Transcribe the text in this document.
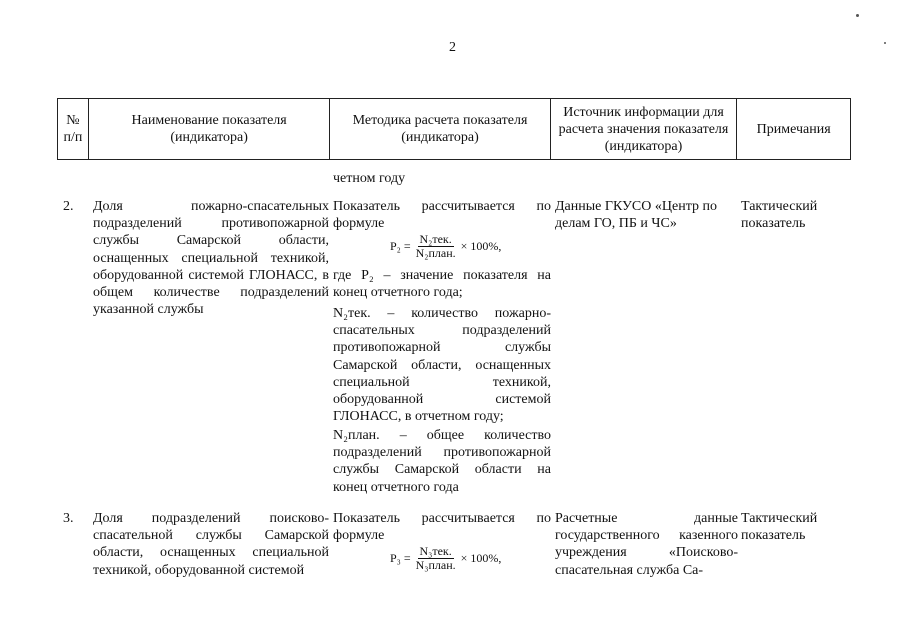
2
№ п/п
Наименование показателя (индикатора)
Методика расчета показателя (индикатора)
Источник информации для расчета значения показателя (индикатора)
Примечания
четном году
2. Доля пожарно-спасательных подразделений противопожарной службы Самарской области, оснащенных специальной техникой, оборудованной системой ГЛОНАСС, в общем количестве подразделений указанной службы
Показатель рассчитывается по формуле
$P_2 = \frac{\text{N₂тек.}}{\text{N₂план.}} \times 100\%$,
где P₂ – значение показателя на конец отчетного года;
N₂тек. – количество пожарно-спасательных подразделений противопожарной службы Самарской области, оснащенных специальной техникой, оборудованной системой ГЛОНАСС, в отчетном году;
N₂план. – общее количество подразделений противопожарной службы Самарской области на конец отчетного года
Данные ГКУСО «Центр по делам ГО, ПБ и ЧС»
Тактический показатель
3. Доля подразделений поисково-спасательной службы Самарской области, оснащенных специальной техникой, оборудованной системой
Показатель рассчитывается по формуле
$P_3 = \frac{\text{N₃тек.}}{\text{N₃план.}} \times 100\%$,
Расчетные данные государственного казенного учреждения «Поисково-спасательная служба Са-
Тактический показатель
